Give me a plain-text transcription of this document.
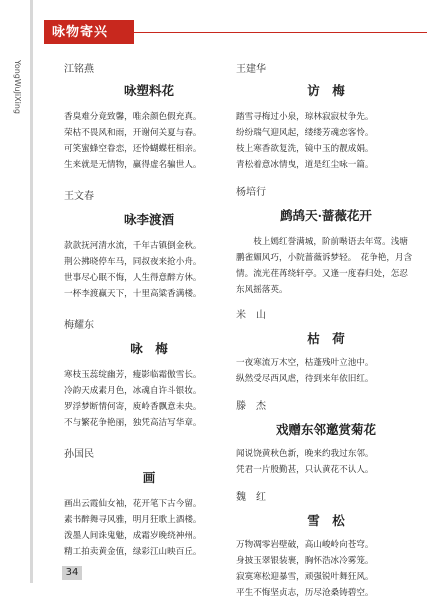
YongWuJiXing
咏物寄兴

江铭燕

咏塑料花

香臭难分竟致馨，唯余颜色假充真。

荣枯不畏风和雨，开谢何关夏与春。

可笑蜜蜂空眷恋，还怜蝴蝶枉相亲。

生来就是无情物，赢得虚名骗世人。

王文春

咏李渡酒

款款抚河清水流，千年古镇倒金秋。

荆公拂晓停车马，同叔夜来抢小舟。

世事尽心眠不悔，人生得意醉方休。

一杯李渡赢天下，十里高粱香满楼。

梅耀东

咏　梅

寒枝玉蕊绽幽芳，瘦影临霜傲雪长。

冷韵天成素月色，冰魂自许斗银妆。

罗浮梦断情何寄，庾岭香飘意未央。

不与繁花争艳丽，独凭高洁写华章。

孙国民

画

画出云霞仙女袖，花开笔下古今留。

素书醉舞寻风雅，明月狂歌上酒楼。

泼墨人间诛鬼魅，成霜岁晚绕神州。

精工拍卖黄金值，绿彩江山映百丘。

王建华

访　梅

踏雪寻梅过小泉，琼林寂寂杖争先。

纷纷瑞气迎风起，缕缕芳魂恋客怜。

枝上寒香欲复洗，镜中玉的靓成娟。

青松着意冰情曳，道是红尘咏一篇。

杨培行

鹧鸪天·蔷薇花开

枝上嫣红誉满城，阶前啭语去年莺。浅塘鹏雀媚风巧，小院蔷薇诉梦轻。　花争艳，月含情。流光荏苒绕轩亭。又逢一度春归处，怎忍东风摇落英。

米　山

枯　荷

一夜寒流万木空，枯蓬残叶立池中。

纵然受尽西风虐，待到来年依旧红。

滕　杰

戏赠东邻邀赏菊花

闻说饶黄秋色新，晚来约我过东邻。

凭君一片殷勤甚，只认黄花不认人。

魏　红

雪　松

万物凋零岩壁破，高山峻岭向苍穹。

身披玉翠银装裹，胸怀浩冰冷雾笼。

寂寞寒松迎暴雪，顽强锐叶舞狂风。

平生不悔坚贞志，历尽沧桑铸碧空。

34
